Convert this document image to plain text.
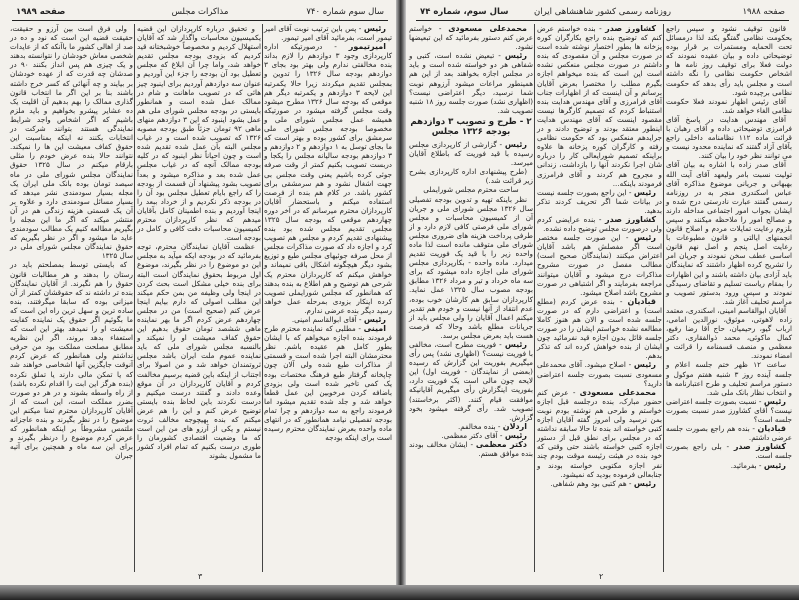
سال سوم شماره ۷۴۰
مذاکرات مجلس
صفحه ۱۹۸۹

رئیس - پس باین ترتیب نوبت آقای امیر تیمور است، بفرمائید آقای امیر تیمور.

امیرتیمور - درصورتیکه اداره کارپردازی وجود ۳ دوازدهم را لازم بداند بنده مخالفتی ندارم ولی بهتر بود بجای ۳ دوازدهم بودجه سال ۱۳۲۶ را تدوین و بمجلس تقدیم میکردند زیرا حالا یکمرتبه این لایحه ۳ دوازدهم و یکمرتبه دیگر هم موقعی که بودجه سال ۱۳۲۶ مطرح میشود وقت مجلس گرفته میشود در صورتیکه همیشه عمل مجلس شورای ملی و مخصوصا بودجه مجلس شورای ملی سرمشق برای کشور بوده و بهتر است که ما بجای توسل به ۱ دوازدهم و ۲ دوازدهم و ۳ دوازدهم بودجه سالیانه مجلس را یکجا و دربست تصویب بکنیم کمتر از وقت صرفه جوئی کرده باشیم یعنی وقت مجلس بی جهت اشغال نشود و هم سرمشقی برای کشور باشد. در کلام هم بنده از فرصت استفاده میکنم و باستحضار آقایان کارپردازان محترم میرسانم که در آخر دوره چهاردهم موقعی که بودجه سال ۱۳۲۵ مجلس تقدیم مجلس شده بود بنده پیشنهادی تقدیم کردم و مجلس هم تصویب کرد و اجازه داد که صورت مذاکرات مجلس از محل صرفه جوئیهای مجلس طبع و توزیع بشود دیگر هیچگونه اشکال باقی نمیماند و خواهش میکنم که کارپردازان محترم یک شرحی هم توضیح و هم اطلاع به بنده بدهند که همانطور که مجلس شورایملی تصویب کرده اینکار بزودی بمرحله عمل خواهد رسید دیگر بنده عرضی ندارم.

رئیس - آقای ابوالقاسم امینی.

امینی - مطلبی که نماینده محترم طرح فرمودند بنده اجازه میخواهم که با ایشان بطور کامل هم عقیده باشم. نظر محترمشان البته اجرا شده است و قسمتی از مذاکرات طبع شده ولی آلان چون چاپخانه گرفتار طبع فرهنگ مختصات بوده یک کمی تاخیر شده است ولی بزودی باضافه کردن مرخوبین این عمل قطعاً خواهد شد و جلد شده تقدیم میشود اما فرمودند راجع به سه دوازدهم و چرا تمام بودجه تفصیلی نیامد همانطور که در انتهای ماده واحده بعرض نمایندگان محترم رسیده است برای اینکه بودجه

و تحقیق درباره کارپردازان این قضیه یکمیسیون محاسبات واگذار شد که آقایان استهلال کردیم و مخصوصاً خوشبختانه قید کردیم که بزودی بودجه مجلس تقدیم خواهد شد، واما چرا آن ابلاغ که مجلس تعطیل بود آن بودجه را جزء این آوردیم و عنوان سه دوازدهم آوردیم برای اینبود چیز هائی که در تصویب ماهانت و شام در ممالک عمل شده است و همانطور بایستی در بودجه مجلس شورای ملی هم عمل بشود اینبود که این ۳ دوازدهم منهای ماهی ۹۲ تومان جزئاً طبق بودجه مصوبه ۱۳۲۶ که تصویب شده است و در غیاب مجلس البته بآن عمل شده تقدیم شده است و چون احیاناً نظر اینبود که در کلیه بودجه ممالک آنچه که در غیاب مجلس عمل شده بعد و مذاکره میشود و بعداً تصویب بشود پیشنهاد آن قسمت از بودجه را که راجع بایام تعطیل مجلس بود آن را در بودجه ذکر نکردیم و از خرداد ببعد را اینجا آوردیم و بنده اطمینان کامل بآقایان میدهم که نظر کارپردازان محترم کمیسیون محاسبات دقت کافی و کامل در بودجه است.

عظمت آقایان نمایندگان محترم، توجه بفرمائید که در بودجه ایکه میآید به مجلس این دو موضوع را در نظر بگیرند، موضوع اول مربوط بحقوق نمایندگان است البته برای بنده خیلی مشکل است بحث کردن در اینجا ولی وظیفه من بمن حکم میکند این مطلب اصولی که دارم بیایم اینجا عرض کنم (صحیح است) من در مجلس چهاردهم عرض کردم اگر ما بهر نماینده ماهی ششصد تومان حقوق بدهیم این حقوق کفاف معیشت او را نمیکند و بالنسبه مجلس شورای ملی که باید نماینده عموم ملت ایران باشد مجلس ثروتمندان خواهد شد و من اصولا برای اجتناب از اینکه باین قضیه برسیم مخالفت کردم و آقایان کارپردازان در آن موقع وعده دادند و گفتند درست میکنیم و درست نکردند باین لحاظ بنده بایستی توضیح عرض کنم و این را هم عرض میکنم که بنده بهیچوجه مخالف ثروت نیستم و یکی از آرزو های من این است که ما وضعیت اقتصادی کشورمان را طوری درست بکنیم که تمام افراد کشور ما مشمول بشوند

ولی فرق است بین آرزو و حقیقت، حقیقت قضیه این است که نود و ده در صد از اهالی کشور ما باآنکه که از عایدات شخصی معاش خودشان را نتوانسته بدهند و یک چیزی هم پس انداز بکنند ۹۰ در صدشان چه قدرت که از عهده خودشان بر بیایند و چه آنهائی که کسر خرج داشته باشند بنا بر این اگر ما انتخاب قانون گذاری ممالک را بهم بدهیم آن اقلیت یک ده عشایر پیشرو بخواهیم و باید ملزم باشیم که اگر اشخاص واجد شرایط نمایندگی هستند بتوانند شرکت در انتخابات بکنند نه اینکه بمناسبت این حقوق کفاف معیشت این ها را نمیکند. نتوانند حالا بنده عرض خودم را مثلی بارقام میکنم در سال ۱۳۲۵ حقوق نمایندگان مجلس شورای ملی در ماه سیصد تومان بوده بانک ملی ایران یک مجله بسیار سودمندی نشر میدهد که بسیار مسائل سودمندی دارد و علاوه بر آن یک قسمتی هزینه زندگی هم در آن منتشر میکند که اگر ما این مجله را بگیریم مطالعه کنیم یک مطالب سودمندی عاید ما میشود و اگر در نظر بگیریم که حقوق نمایندگان مجلس شورای ملی در سال ۱۳۲۵

که بایستی توسط بمصلحتم باید در رستان را بدهند و هر مطالبات قانون حقوق را هم نگیرند. از آقایان نمایندگان بنده تر داشته ند که حقوقشان کمتر از آن میزانی بوده که سابقا میگرفتند، بنده ساده ترین و سهل ترین راه این است که ما بگوئیم اگر حقوق یک نماینده کفایت معیشت او را نمیدهد بهتر این است که استعفاء بدهد بروند، اگر این نظریه مطابق مصلحت مملکت بود من حرفی نداشتم ولی همانطور که عرض کردم آنوقت جایگزین آنها اشخاصی خواهند شد که یا تمکن مالی دارند یا تملق نکرده (بنده هرگز این ابت را اقدام نکرده باشد) از راه واسطه بشوند و در هر دو صورت بضرر مملکت است، این است که از آقایان کارپردازان محترم تمنا میکنم این موضوع را در نظر بگیرند و بنده عاجزانه ملتمس مشروطاً بر اینکه همانطور که عرض کردم موضوع را درنظر بگیرند و برای این سه ماه و همچنین برای آتیه جبران

۳
صفحه ۱۹۸۸
روزنامه رسمی کشور شاهنشاهی ایران
سال سوم، شماره ۷۴

قانون توقیف نشود و سپس راجع بحکومت نظامی گفتگو بکند لذا درمسائل تحت الحمایه ومستمرات بر قرار بوده توضیحاتی داده و بیان عقیده نمودند که دولت فعلا برای توقیف روز نامه ها و اشخاص حکومت نظامی را نگه داشته است و مجلس باید رأی بدهد که حکومت نظامی برچیده شود.

آقای رئیس اظهار نمودند فعلا حکومت نظامی الغاء خواهد شد.

آقای مهندس هدایت در پاسخ آقای فرامرزی توضیحاتی داده و آقای رهبان با قرائت ماده ۱۱۲ نظامنامه داخلی راجع بآقای آزاد گفتند که نماینده محدود نیست و می توانند نظر خود را بیان کنند.

آقای صدر زاده با اشاره به بیان آقای تولیت نسبت بامر ولیعهد آقای آیت الله بهبهانی و جریانی موضوع مذاکره آقای عباس اسکندری منجر به در روزنامه رسمی گفتند عبارت نادرستی درج شده و ایشان بجواب امور اجتماعی مداخله دارند و مصالح امور را ملاحظه میکنند و سپس بلزوم رعایت تمایلات مردم و اصلاح قانون انجمنهای ایالتی و قانون مطبوعات با رعایت اصل پنجم و اصل نهم قانون اساسی عطف سخن نمودند و جریان امر را تشریح کرده اظهار داشتند که نمایندگان باید آزادی بیان داشته باشند و این اظهارات را بمقام ریاست تسلیم و تقاضای رسیدگی نمودند و سپس ورود بدستور تصویب و مراسم تحلیف آغاز شد.

آقایان ابوالقاسم امینی، اسکندری، معتمد زاده لاهوتی، موثوق، نورالدین امامی، ارباب گیو، رحیمیان، حاج آقا رضا رفیع، کمال ماکوئی، محمد ذوالفقاری، دکتر معظمی و منصف قسمنامه را قرائت و امضاء نمودند.

ساعت ۱۲ ظهر ختم جلسه اعلام و جلسه آینده روز ۳ شنبه هفتم موکول و دستور مراسم تحلیف و طرح اعتبارنامه ها و انتخاب نظار بانک ملی شد.

رئیس - نسبت بصورت جلسه اعتراضی نیست؟ آقای کشاورز صدر نسبت بصورت جلسه است؟

قبادیان - بنده هم راجع بصورت جلسه عرضی داشتم.

کشاورز صدر - بلی راجع بصورت جلسه است.

رئیس - بفرمائید.

کشاورز صدر - بنده خواستم عرض کنم که توضیح بنده راجع بکارگران کوره پزخانه ها بطور اختصار نوشته شده است در صورت مجلس و آن مقصودی که بنده داشتم در صورت مجلس منعکس نشده است این است که بنده میخواهم اجازه بگیرم مطلب را مختصرا بعرض آقایان برسانم و آن اینست که از اظهارات جناب آقای فرامرزی و آقای مهندس هدایت بنده استنباط کردم که تصمیم کارگرها نیست مقصود اینست که آقای مهندس هدایت اینطور معتقد بودند و توضیح دادند و در جرایدهم منعکس بود که حکومت نظامی رفته و کارگران کوره پزخانه ها علاوه براینکه تصمیم شورایعالی کار را درباره شان اجرا نکردند آنها را بازداشت، زندانی و مجروح هم کردند و آقای فرامرزی فرمودند باینکه...

رئیس - این راجع بصورت جلسه نیست در بیانات شما اگر تحریف کردند تذکر بدهید.

کشاورز صدر - بنده عرایضی کردم ولی درصورت مجلس توضیح داده نشده.

رئیس - این صورت جلسه مختصر است اگر مفصلش هم باشد آقایان اعتراض میکنند (نمایندگان صحیح است) مطالب مفصل در صورت مشروح مذاکرات درج میشود و آقایان میتوانند مراجعه بفرمایند و اگر اشتباهی در صورت مشروح باشد اصلاح میشود.

قبادیان - بنده عرض کردم (مطلع است) و اعتراضی دارم که در صورت جلسه شده است و الان هم هنوز کاملا مطالعه نشده خواستم ایشان را در صورت جلسه قائل بدون اجازه قید نفرمائید چون ایشان از بنده خواهش کرده اند که تذکر بدهم.

رئیس - اصلاح میشود. آقای محمدعلی مسعودی نسبت بصورت جلسه اعتراضی دارید؟

محمدعلی مسعودی - عرض کنم حضور مبارک، بنده درجلسه قبل اجازه خواستم و طرحی هم نوشته بودم نوبت بمن نرسید ولی امروز گفته آقایان اجازه کتبی خواسته اند بنده تا حالا سابقه نداشته که در مجلس برای نطق قبل از دستور اجازه کتبی خواسته باشند حتی وقتی که خود بنده در هیئت رئیسه موقت بودم چند نفر اجازه مکتوبی خواسته بودند و جنابعالی فرموده بودید که نمیشود.

رئیس - هم کتبی بود وهم شفاهی.

محمدعلی مسعودی - خواستم عرض کنم دستور بفرمائید که این تبعیضها نشود.

رئیس - تبعیض نشده است، کتبی و شفاهی هر دو خواسته شده است و باید در مجلس اجازه بخواهند بعد از این هم همینطور مراعات میشود آرزوهم نوبت شما نرسید، دیگر اعتراضی نیست؟ (اظهاری نشد) صورت جلسه روز ۱۸ شنبه تصویب شد.

۲ - طرح و تصویب ۳ دوازدهم بودجه ۱۳۲۶ مجلس

رئیس - گزارشی از کارپردازی مجلس رسیده با قید فوریت که باطلاع آقایان میرسد.

(طرح پیشنهادی اداره کارپردازی بشرح زیر قرائت شد.)

ساحت محترم مجلس شورایملی

نظر باینکه تهیه و تدوین بودجه تفصیلی سال ۱۳۲۶ مجلس شورای ملی و جریان آن از کمیسیون محاسبات و مجلس شورای ملی فرصتی کافی لازم دارد و از طرفی پرداخت هزینه های ضروری مجلس شورای ملی متوقف مانده است لذا ماده واحده زیر را با قید یک فوریت تقدیم میدارد. ماده واحده - بکارپردازی مجلس شورای ملی اجازه داده میشود که برای سه ماه خرداد و تیر و مرداد ۱۳۲۶ مطابق بودجه مصوب سال ۱۳۲۵ عمل نماید. کارپردازان سابق هم کارشان خوب بوده، عدم انتقاد از آنها نیست و خودم هم تقدیر میکنم اعمال آقایان را ولی مجلس باید از جریانات مطلع باشد وحالا که فرصت هست باید بعرض مجلس برسد.

رئیس - فوریت مطرح است، مخالفی با فوریت نیست؟ (اظهاری نشد) پس رأی میگیریم بفوریت این گزارش که رسیده (بعضی از نمایندگان - فوریت اول) این لایحه چون مالی است یک فوریت دارد، بفوریت اینگزارش رأی میگیریم آقایانیکه موافقت قیام کنند. (اکثر برخاستند) تصویب شد. رأی گرفته میشود بخود گزارش.

اردلان - بنده مخالفم.

رئیس - آقای دکتر معظمی.

دکتر معظمی - ایشان مخالف بودند بنده موافق هستم.

۲
